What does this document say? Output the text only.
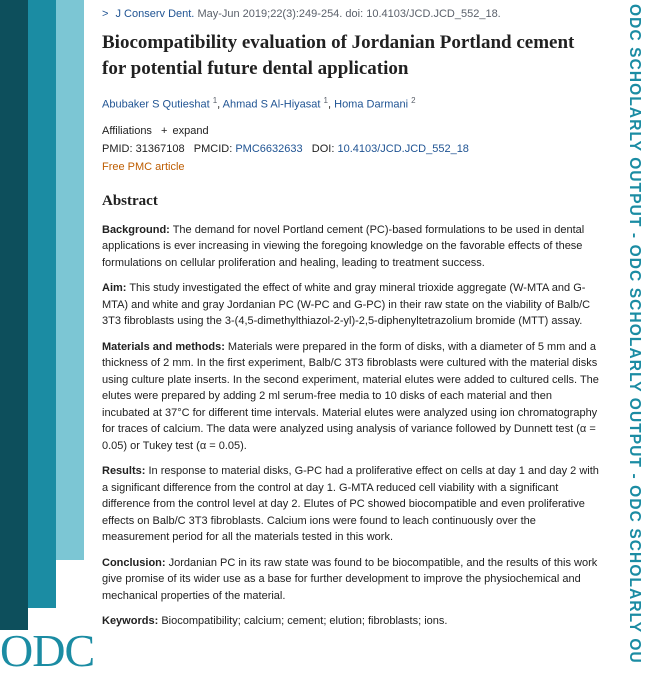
ODC	ODC SCHOLARLY OUTPUT - ODC SCHOLARLY OUTPUT - ODC SCHOLARLY OU
> J Conserv Dent. May-Jun 2019;22(3):249-254. doi: 10.4103/JCD.JCD_552_18.
Biocompatibility evaluation of Jordanian Portland cement for potential future dental application
Abubaker S Qutieshat $^1$, Ahmad S Al-Hiyasat $^1$, Homa Darmani $^2$
Affiliations + expand
PMID: 31367108 PMCID: PMC6632633 DOI: 10.4103/JCD.JCD_552_18
Free PMC article
Abstract

Background: The demand for novel Portland cement (PC)-based formulations to be used in dental applications is ever increasing in viewing the foregoing knowledge on the favorable effects of these formulations on cellular proliferation and healing, leading to treatment success.

Aim: This study investigated the effect of white and gray mineral trioxide aggregate (W-MTA and G-MTA) and white and gray Jordanian PC (W-PC and G-PC) in their raw state on the viability of Balb/C 3T3 fibroblasts using the 3-(4,5-dimethylthiazol-2-yl)-2,5-diphenyltetrazolium bromide (MTT) assay.

Materials and methods: Materials were prepared in the form of disks, with a diameter of 5 mm and a thickness of 2 mm. In the first experiment, Balb/C 3T3 fibroblasts were cultured with the material disks using culture plate inserts. In the second experiment, material elutes were added to cultured cells. The elutes were prepared by adding 2 ml serum-free media to 10 disks of each material and then incubated at 37°C for different time intervals. Material elutes were analyzed using ion chromatography for traces of calcium. The data were analyzed using analysis of variance followed by Dunnett test (α = 0.05) or Tukey test (α = 0.05).

Results: In response to material disks, G-PC had a proliferative effect on cells at day 1 and day 2 with a significant difference from the control at day 1. G-MTA reduced cell viability with a significant difference from the control level at day 2. Elutes of PC showed biocompatible and even proliferative effects on Balb/C 3T3 fibroblasts. Calcium ions were found to leach continuously over the measurement period for all the materials tested in this work.

Conclusion: Jordanian PC in its raw state was found to be biocompatible, and the results of this work give promise of its wider use as a base for further development to improve the physiochemical and mechanical properties of the material.

Keywords: Biocompatibility; calcium; cement; elution; fibroblasts; ions.
